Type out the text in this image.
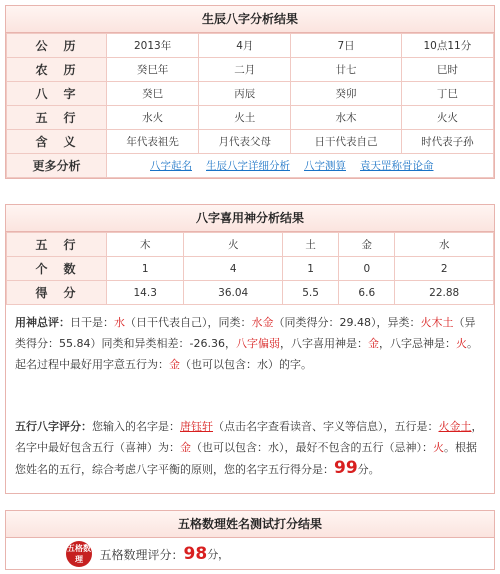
生辰八字分析结果
公　历	2013年	4月	7日	10点11分
农　历	癸巳年	二月	廿七	巳时
八　字	癸巳	丙辰	癸卯	丁巳
五　行	水火	火土	水木	火火
含　义	年代表祖先	月代表父母	日干代表自己	时代表子孙
更多分析	八字起名 生辰八字详细分析 八字测算 袁天罡称骨论命			
八字喜用神分析结果
五　行	木	火	土	金	水
个　数	1	4	1	0	2
得　分	14.3	36.04	5.5	6.6	22.88
用神总评：日干是：水（日干代表自己），同类：水金（同类得分：29.48），异类：火木土（异类得分：55.84）同类和异类相差：-26.36，八字偏弱，八字喜用神是：金，八字忌神是：火。起名过程中最好用字意五行为：金（也可以包含：水）的字。
五行八字评分：您输入的名字是：唐钰轩（点击名字查看读音、字义等信息），五行是：火金土，名字中最好包含五行（喜神）为：金（也可以包含：水），最好不包含的五行（忌神）：火。根据您姓名的五行，综合考虑八字平衡的原则，您的名字五行得分是：99分。
五格数理姓名测试打分结果
五格数理 五格数理评分：98分，
